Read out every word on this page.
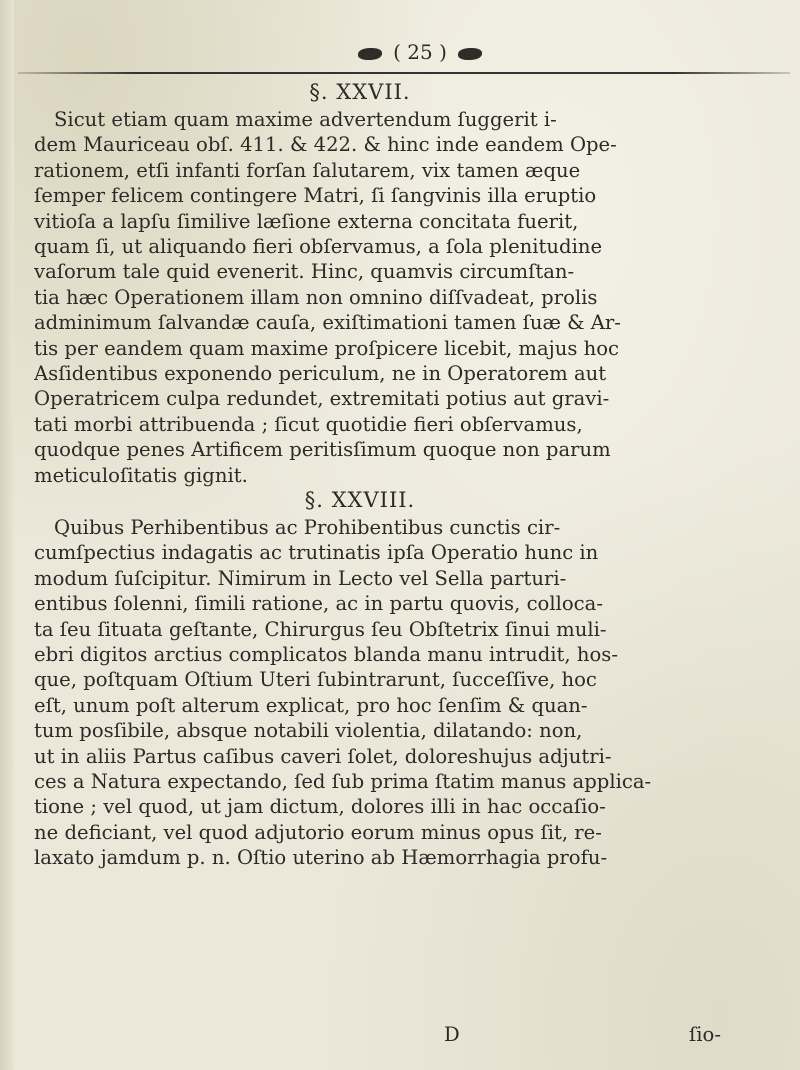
( 25 )
§. XXVII.
Sicut etiam quam maxime advertendum ſuggerit i-
dem Mauriceau obſ. 411. & 422. & hinc inde eandem Ope-
rationem, etſi infanti forſan ſalutarem, vix tamen æque
ſemper felicem contingere Matri, ſi ſangvinis illa eruptio
vitioſa a lapſu ſimilive læſione externa concitata fuerit,
quam ſi, ut aliquando fieri obſervamus, a ſola plenitudine
vaſorum tale quid evenerit. Hinc, quamvis circumſtan-
tia hæc Operationem illam non omnino diſſvadeat, prolis
adminimum ſalvandæ cauſa, exiſtimationi tamen ſuæ & Ar-
tis per eandem quam maxime proſpicere licebit, majus hoc
Asſidentibus exponendo periculum, ne in Operatorem aut
Operatricem culpa redundet, extremitati potius aut gravi-
tati morbi attribuenda ; ſicut quotidie fieri obſervamus,
quodque penes Artificem peritisſimum quoque non parum
meticuloſitatis gignit.
§. XXVIII.
Quibus Perhibentibus ac Prohibentibus cunctis cir-
cumſpectius indagatis ac trutinatis ipſa Operatio hunc in
modum ſuſcipitur. Nimirum in Lecto vel Sella parturi-
entibus ſolenni, ſimili ratione, ac in partu quovis, colloca-
ta ſeu ſituata geſtante, Chirurgus ſeu Obſtetrix ſinui muli-
ebri digitos arctius complicatos blanda manu intrudit, hos-
que, poſtquam Oſtium Uteri ſubintrarunt, ſucceſſive, hoc
eſt, unum poſt alterum explicat, pro hoc ſenſim & quan-
tum posſibile, absque notabili violentia, dilatando: non,
ut in aliis Partus caſibus caveri ſolet, doloreshujus adjutri-
ces a Natura expectando, ſed ſub prima ſtatim manus applica-
tione ; vel quod, ut jam dictum, dolores illi in hac occaſio-
ne deficiant, vel quod adjutorio eorum minus opus ſit, re-
laxato jamdum p. n. Oſtio uterino ab Hæmorrhagia profu-
D	ſio-
